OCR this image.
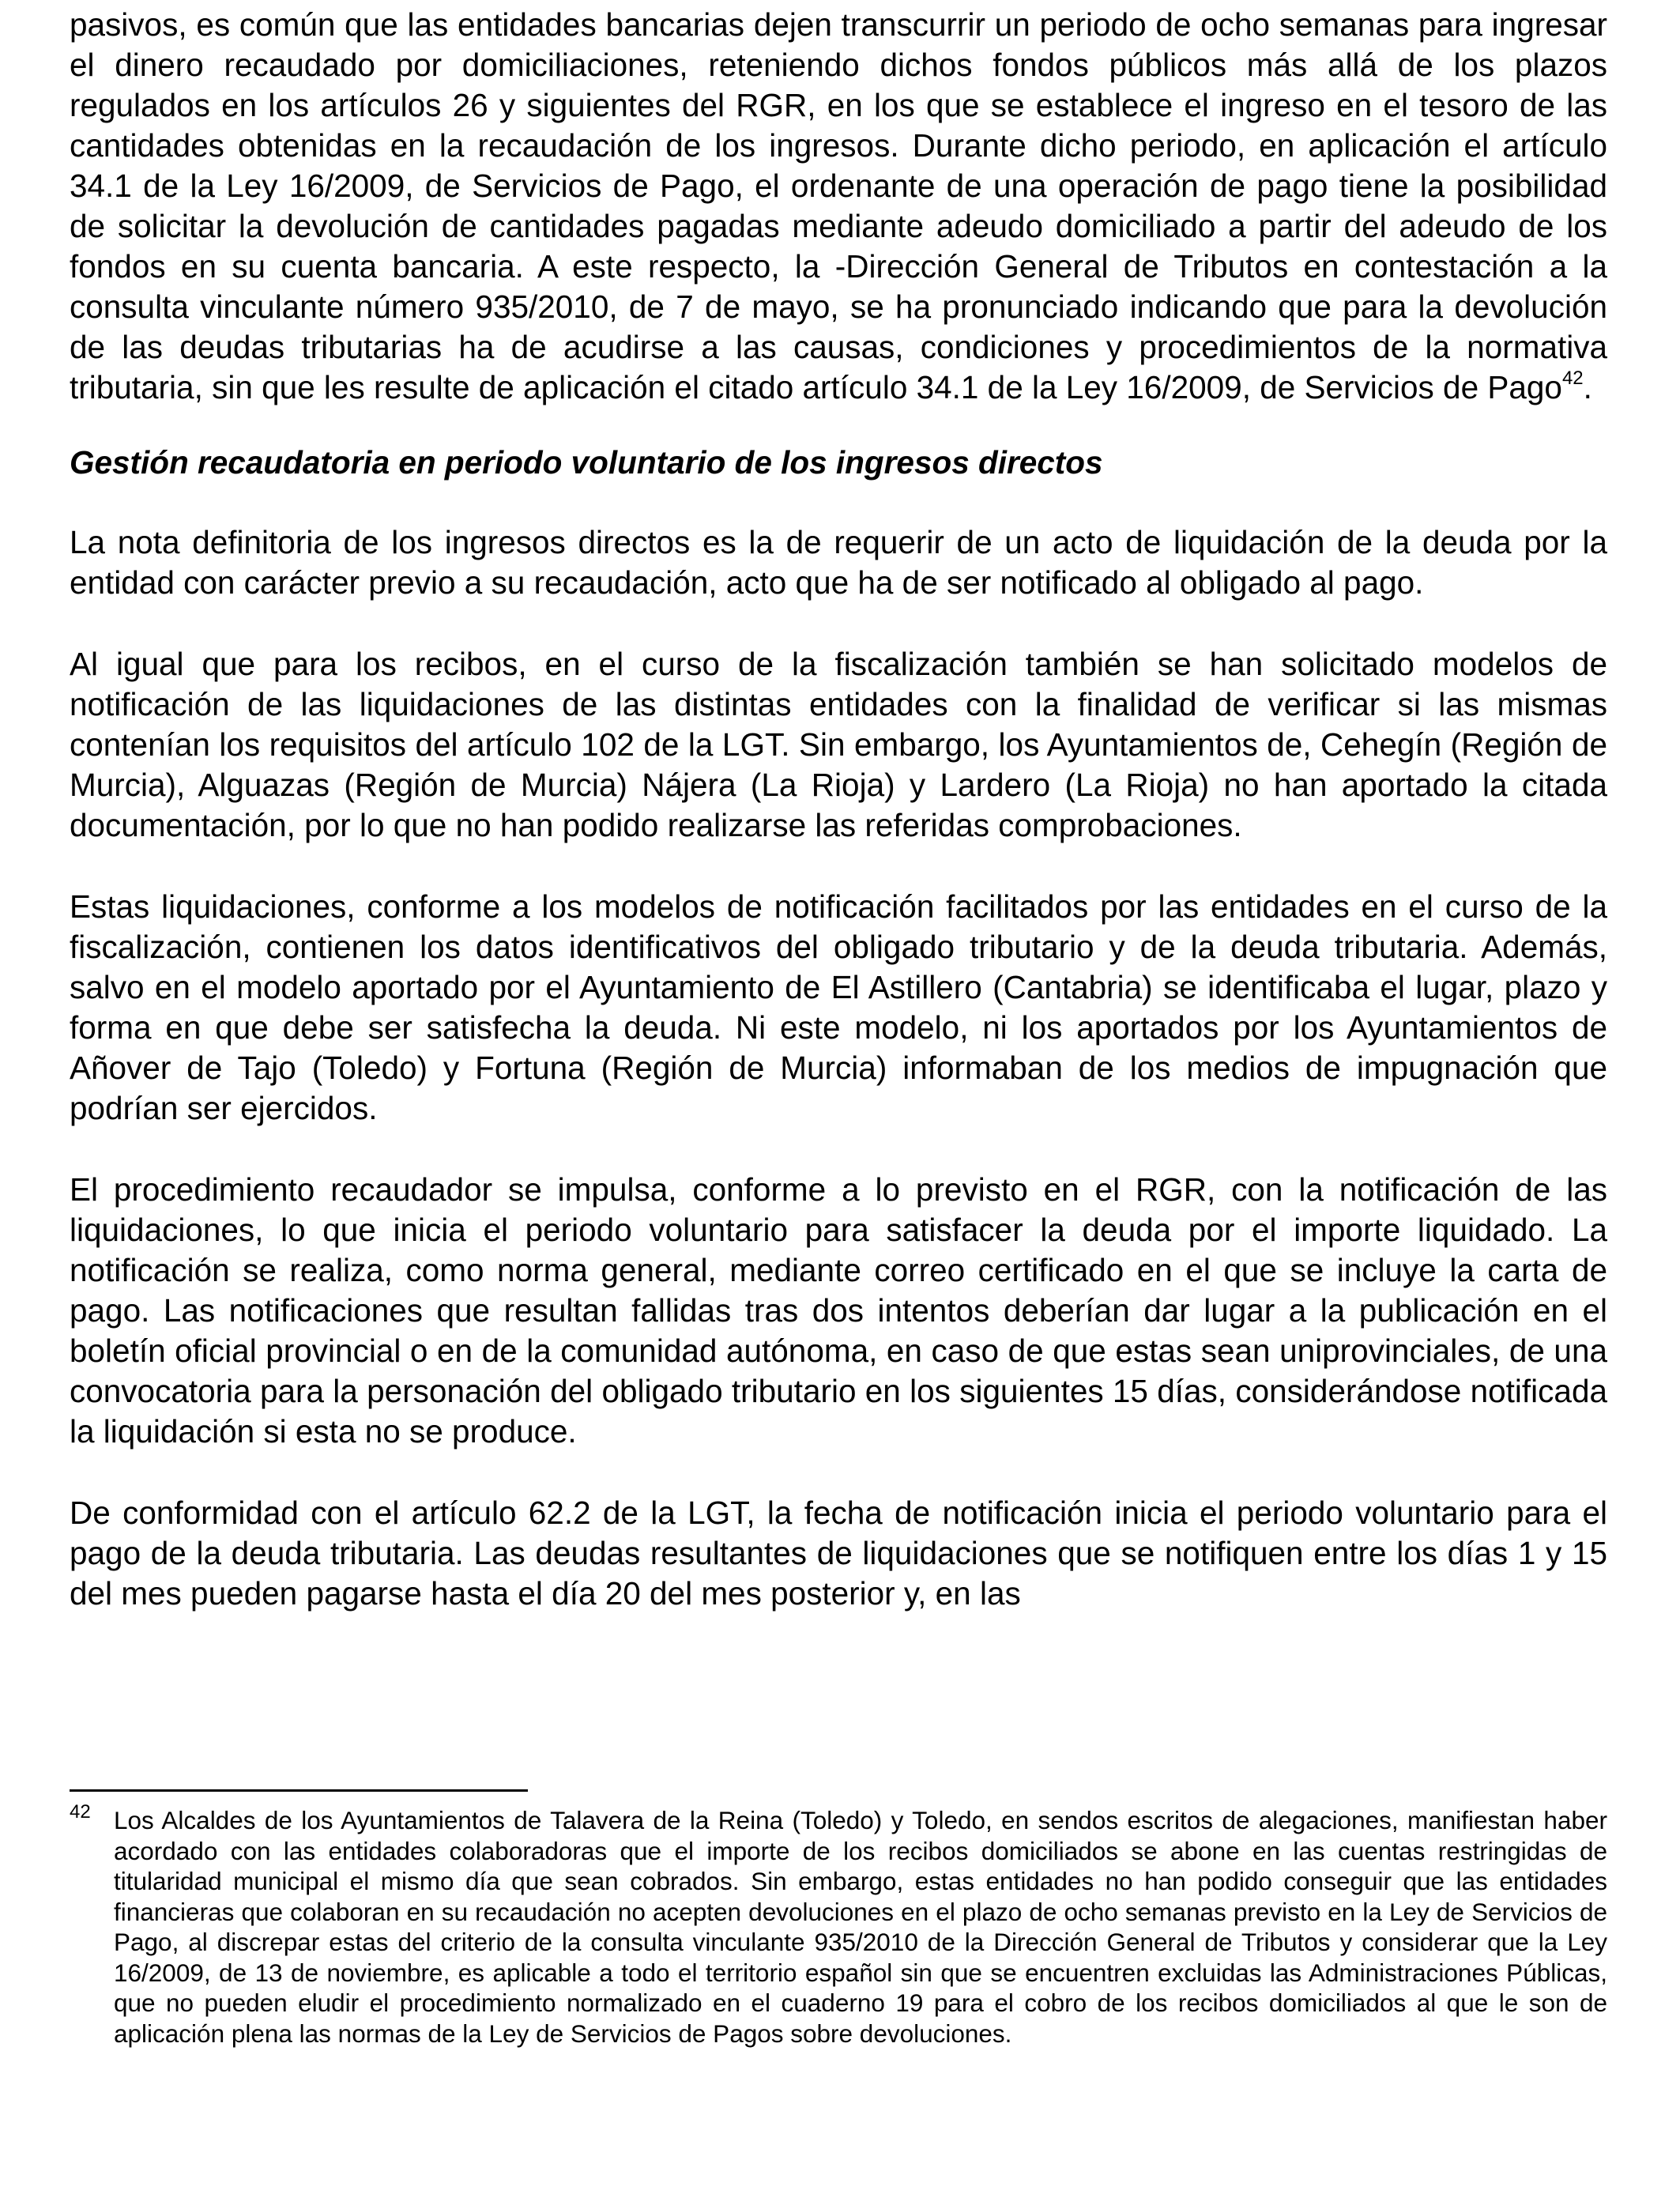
pasivos, es común que las entidades bancarias dejen transcurrir un periodo de ocho semanas para ingresar el dinero recaudado por domiciliaciones, reteniendo dichos fondos públicos más allá de los plazos regulados en los artículos 26 y siguientes del RGR, en los que se establece el ingreso en el tesoro de las cantidades obtenidas en la recaudación de los ingresos. Durante dicho periodo, en aplicación el artículo 34.1 de la Ley 16/2009, de Servicios de Pago, el ordenante de una operación de pago tiene la posibilidad de solicitar la devolución de cantidades pagadas mediante adeudo domiciliado a partir del adeudo de los fondos en su cuenta bancaria. A este respecto, la -Dirección General de Tributos en contestación a la consulta vinculante número 935/2010, de 7 de mayo, se ha pronunciado indicando que para la devolución de las deudas tributarias ha de acudirse a las causas, condiciones y procedimientos de la normativa tributaria, sin que les resulte de aplicación el citado artículo 34.1 de la Ley 16/2009, de Servicios de Pago$^{42}$.

Gestión recaudatoria en periodo voluntario de los ingresos directos

La nota definitoria de los ingresos directos es la de requerir de un acto de liquidación de la deuda por la entidad con carácter previo a su recaudación, acto que ha de ser notificado al obligado al pago.

Al igual que para los recibos, en el curso de la fiscalización también se han solicitado modelos de notificación de las liquidaciones de las distintas entidades con la finalidad de verificar si las mismas contenían los requisitos del artículo 102 de la LGT. Sin embargo, los Ayuntamientos de, Cehegín (Región de Murcia), Alguazas (Región de Murcia) Nájera (La Rioja) y Lardero (La Rioja) no han aportado la citada documentación, por lo que no han podido realizarse las referidas comprobaciones.

Estas liquidaciones, conforme a los modelos de notificación facilitados por las entidades en el curso de la fiscalización, contienen los datos identificativos del obligado tributario y de la deuda tributaria. Además, salvo en el modelo aportado por el Ayuntamiento de El Astillero (Cantabria) se identificaba el lugar, plazo y forma en que debe ser satisfecha la deuda. Ni este modelo, ni los aportados por los Ayuntamientos de Añover de Tajo (Toledo) y Fortuna (Región de Murcia) informaban de los medios de impugnación que podrían ser ejercidos.

El procedimiento recaudador se impulsa, conforme a lo previsto en el RGR, con la notificación de las liquidaciones, lo que inicia el periodo voluntario para satisfacer la deuda por el importe liquidado. La notificación se realiza, como norma general, mediante correo certificado en el que se incluye la carta de pago. Las notificaciones que resultan fallidas tras dos intentos deberían dar lugar a la publicación en el boletín oficial provincial o en de la comunidad autónoma, en caso de que estas sean uniprovinciales, de una convocatoria para la personación del obligado tributario en los siguientes 15 días, considerándose notificada la liquidación si esta no se produce.

De conformidad con el artículo 62.2 de la LGT, la fecha de notificación inicia el periodo voluntario para el pago de la deuda tributaria. Las deudas resultantes de liquidaciones que se notifiquen entre los días 1 y 15 del mes pueden pagarse hasta el día 20 del mes posterior y, en las

42 Los Alcaldes de los Ayuntamientos de Talavera de la Reina (Toledo) y Toledo, en sendos escritos de alegaciones, manifiestan haber acordado con las entidades colaboradoras que el importe de los recibos domiciliados se abone en las cuentas restringidas de titularidad municipal el mismo día que sean cobrados. Sin embargo, estas entidades no han podido conseguir que las entidades financieras que colaboran en su recaudación no acepten devoluciones en el plazo de ocho semanas previsto en la Ley de Servicios de Pago, al discrepar estas del criterio de la consulta vinculante 935/2010 de la Dirección General de Tributos y considerar que la Ley 16/2009, de 13 de noviembre, es aplicable a todo el territorio español sin que se encuentren excluidas las Administraciones Públicas, que no pueden eludir el procedimiento normalizado en el cuaderno 19 para el cobro de los recibos domiciliados al que le son de aplicación plena las normas de la Ley de Servicios de Pagos sobre devoluciones.
